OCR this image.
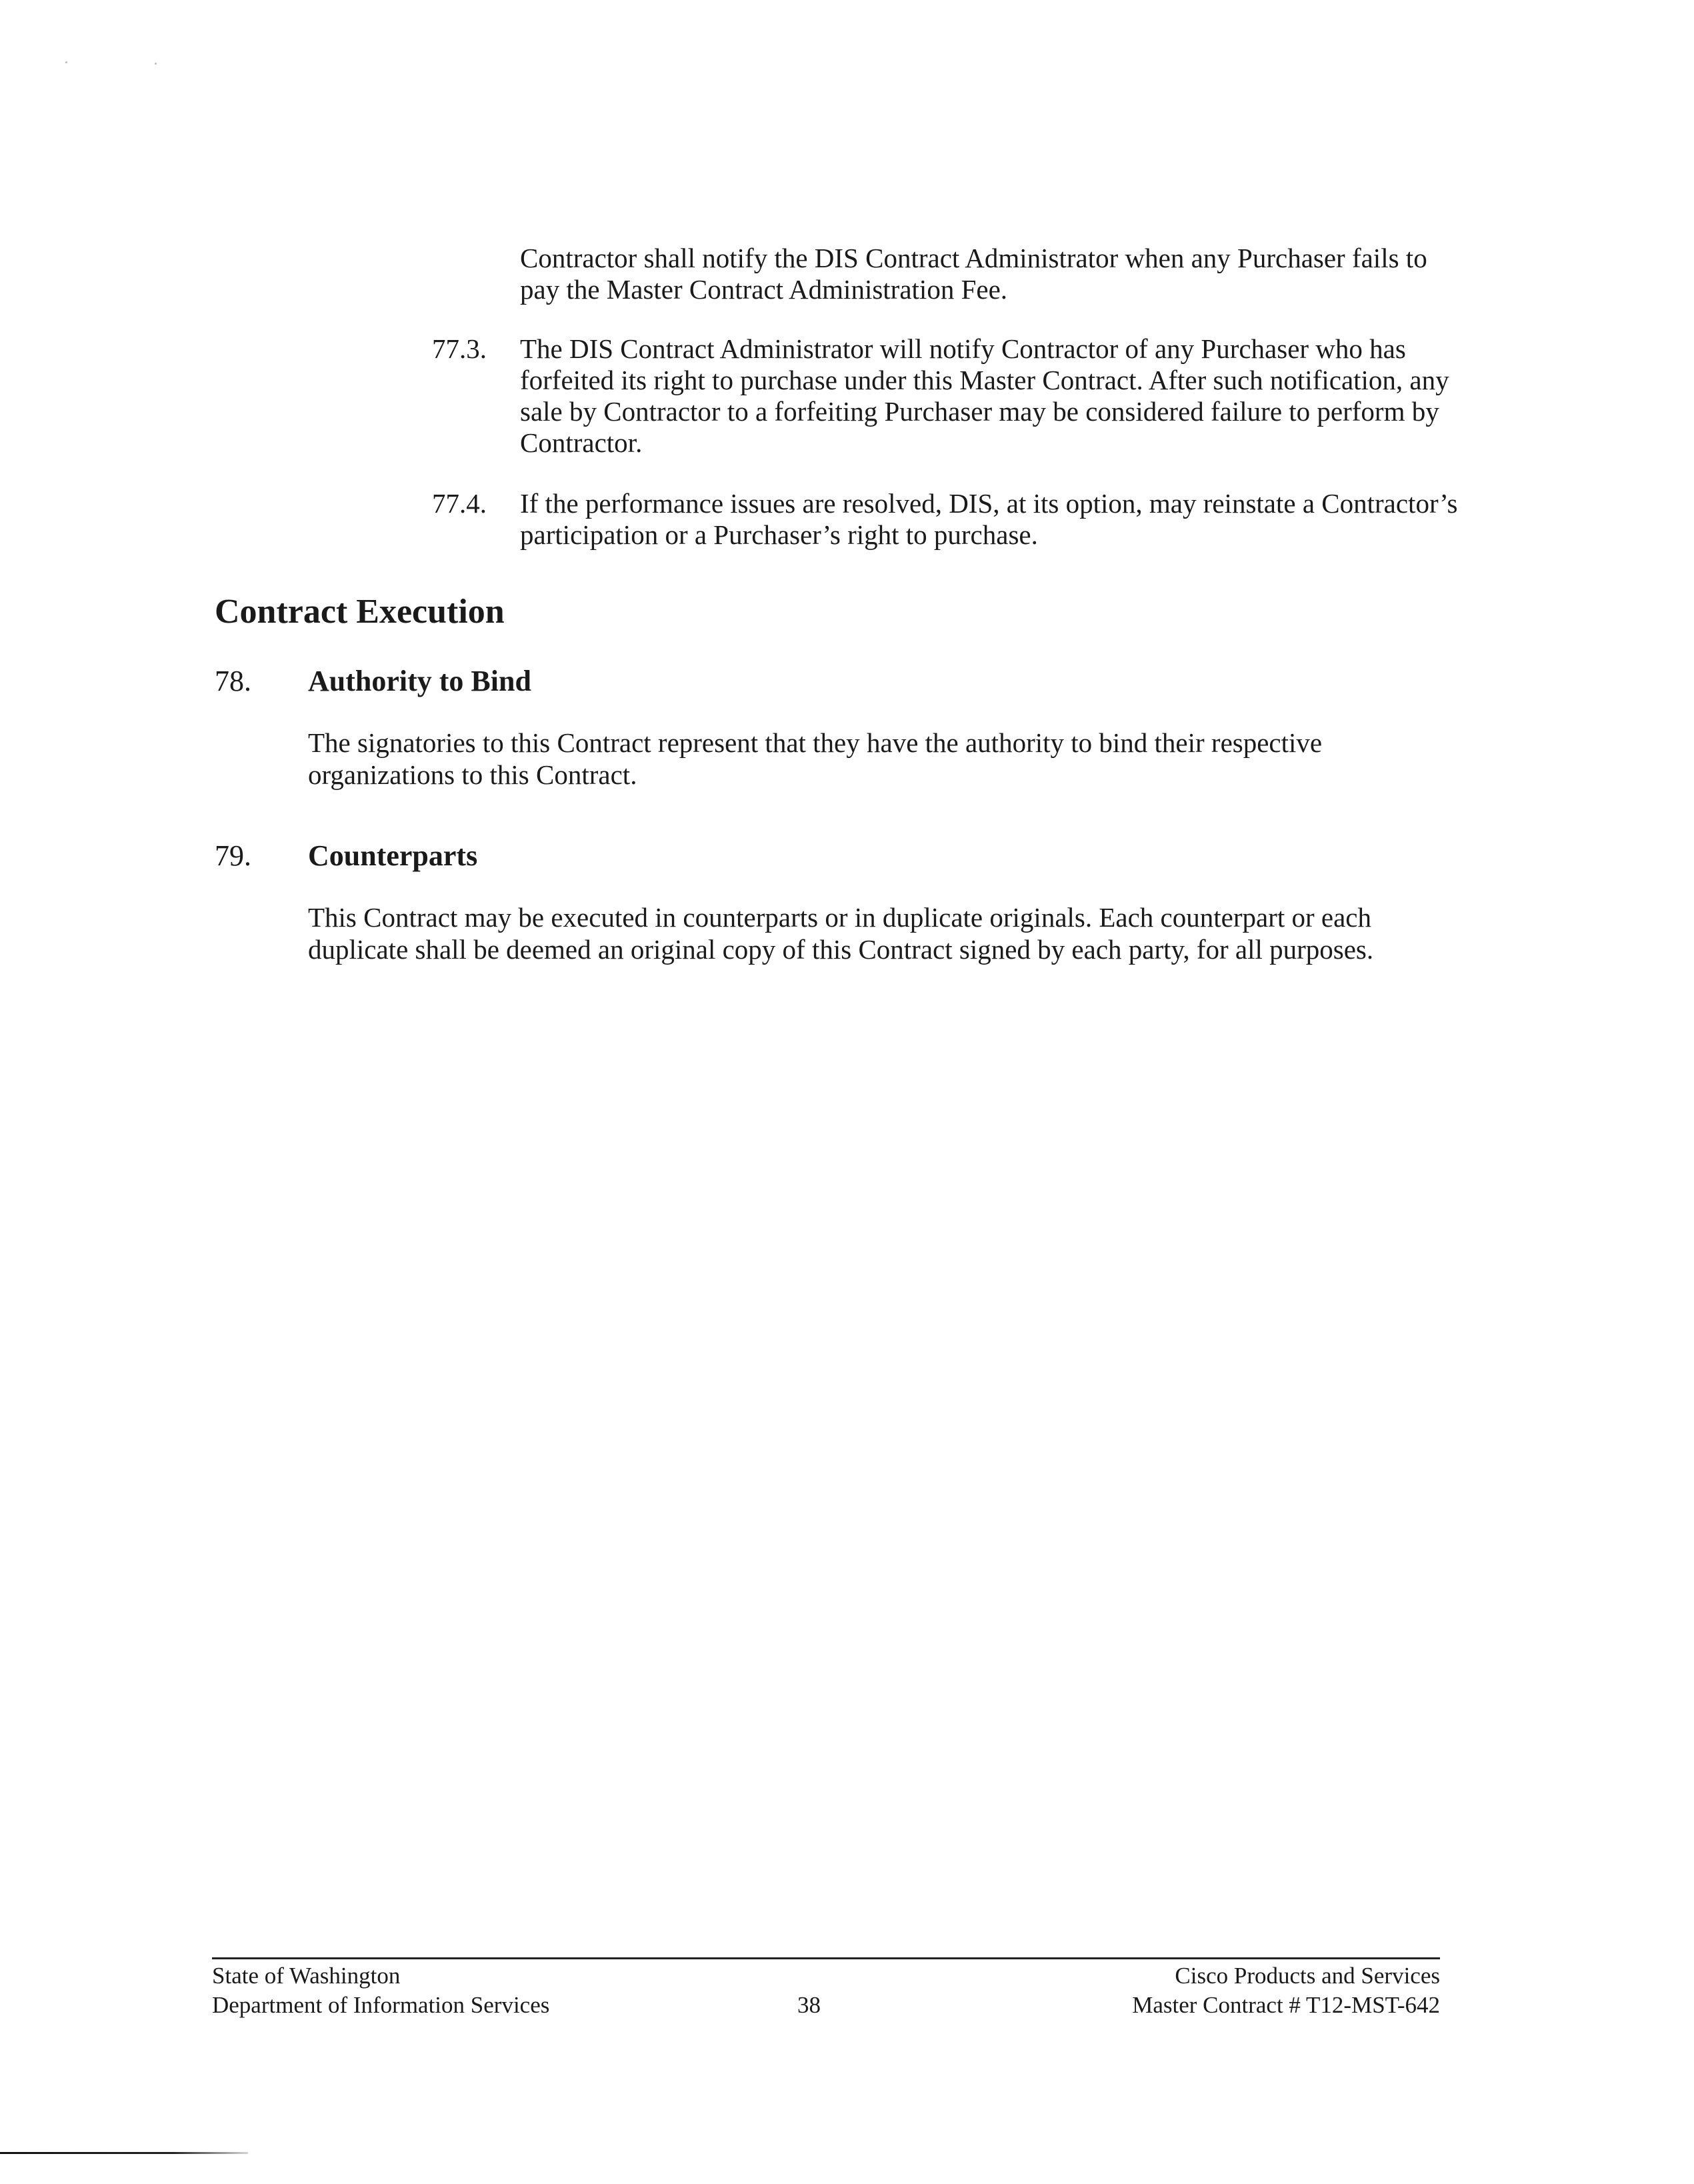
Contractor shall notify the DIS Contract Administrator when any Purchaser fails to pay the Master Contract Administration Fee.

77.3. The DIS Contract Administrator will notify Contractor of any Purchaser who has forfeited its right to purchase under this Master Contract. After such notification, any sale by Contractor to a forfeiting Purchaser may be considered failure to perform by Contractor.
77.4. If the performance issues are resolved, DIS, at its option, may reinstate a Contractor’s participation or a Purchaser’s right to purchase.
Contract Execution
78. Authority to Bind
The signatories to this Contract represent that they have the authority to bind their respective organizations to this Contract.
79. Counterparts
This Contract may be executed in counterparts or in duplicate originals. Each counterpart or each duplicate shall be deemed an original copy of this Contract signed by each party, for all purposes.
State of Washington
Department of Information Services	38
Cisco Products and Services
Master Contract # T12-MST-642
